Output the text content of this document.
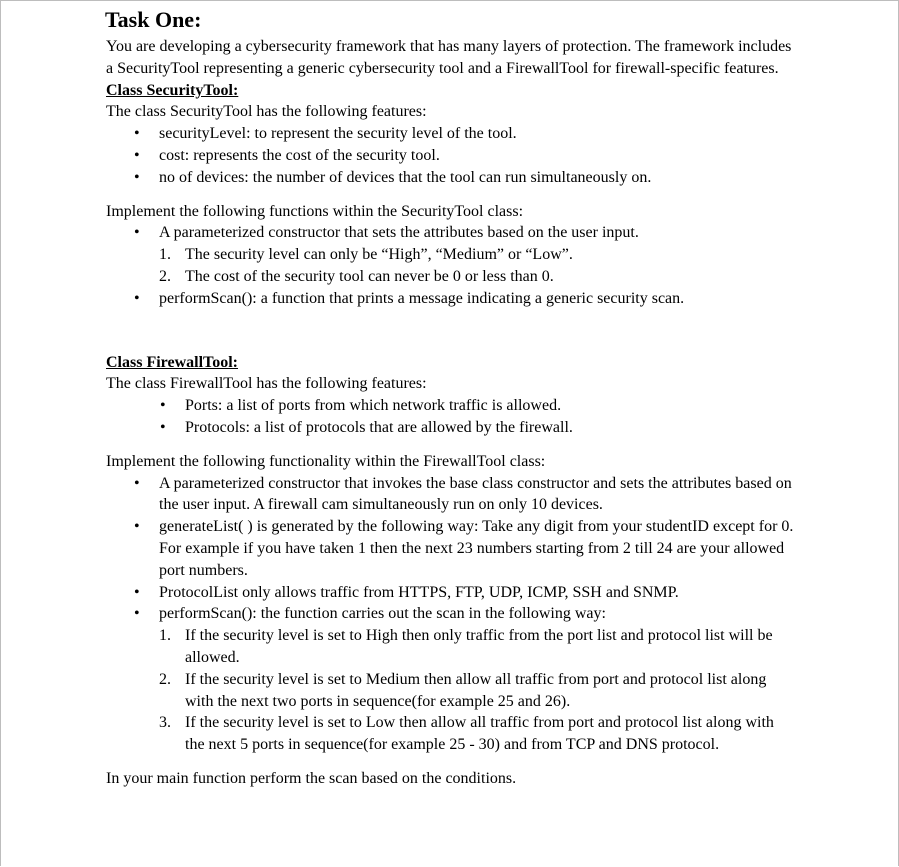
Task One:

You are developing a cybersecurity framework that has many layers of protection. The framework includes a SecurityTool representing a generic cybersecurity tool and a FirewallTool for firewall-specific features.

Class SecurityTool:

The class SecurityTool has the following features:

• securityLevel: to represent the security level of the tool.
• cost: represents the cost of the security tool.
• no of devices: the number of devices that the tool can run simultaneously on.

Implement the following functions within the SecurityTool class:

• A parameterized constructor that sets the attributes based on the user input.
1. The security level can only be “High”, “Medium” or “Low”.
2. The cost of the security tool can never be 0 or less than 0.
• performScan(): a function that prints a message indicating a generic security scan.

Class FirewallTool:

The class FirewallTool has the following features:

• Ports: a list of ports from which network traffic is allowed.
• Protocols: a list of protocols that are allowed by the firewall.

Implement the following functionality within the FirewallTool class:

• A parameterized constructor that invokes the base class constructor and sets the attributes based on the user input. A firewall cam simultaneously run on only 10 devices.
• generateList( ) is generated by the following way: Take any digit from your studentID except for 0. For example if you have taken 1 then the next 23 numbers starting from 2 till 24 are your allowed port numbers.
• ProtocolList only allows traffic from HTTPS, FTP, UDP, ICMP, SSH and SNMP.
• performScan(): the function carries out the scan in the following way:
1. If the security level is set to High then only traffic from the port list and protocol list will be allowed.
2. If the security level is set to Medium then allow all traffic from port and protocol list along with the next two ports in sequence(for example 25 and 26).
3. If the security level is set to Low then allow all traffic from port and protocol list along with the next 5 ports in sequence(for example 25 - 30) and from TCP and DNS protocol.

In your main function perform the scan based on the conditions.
